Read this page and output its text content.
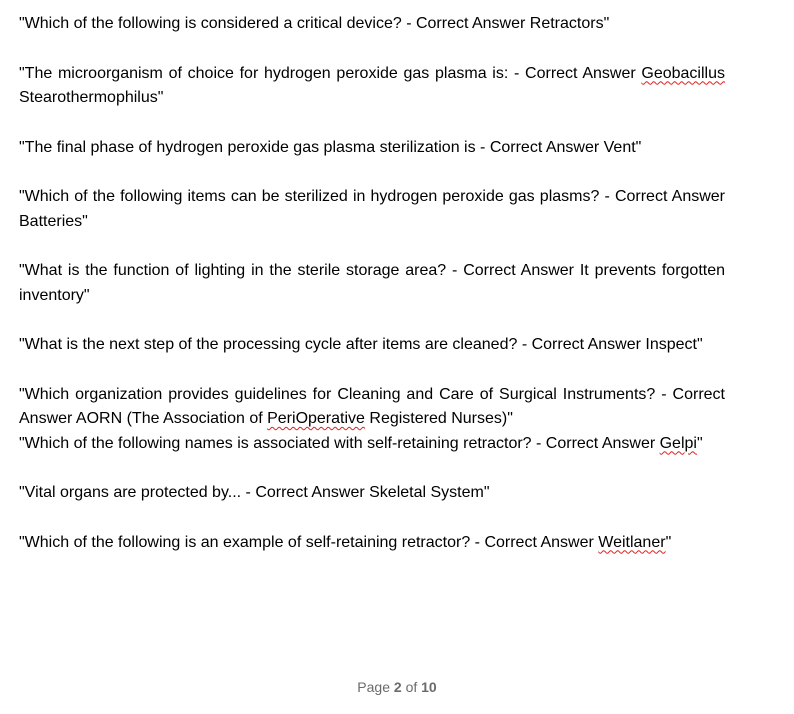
"Which of the following is considered a critical device? - Correct Answer Retractors"

"The microorganism of choice for hydrogen peroxide gas plasma is: - Correct Answer Geobacillus Stearothermophilus"

"The final phase of hydrogen peroxide gas plasma sterilization is - Correct Answer Vent"

"Which of the following items can be sterilized in hydrogen peroxide gas plasms? - Correct Answer Batteries"

"What is the function of lighting in the sterile storage area? - Correct Answer It prevents forgotten inventory"

"What is the next step of the processing cycle after items are cleaned? - Correct Answer Inspect"

"Which organization provides guidelines for Cleaning and Care of Surgical Instruments? - Correct Answer AORN (The Association of PeriOperative Registered Nurses)"

"Which of the following names is associated with self-retaining retractor? - Correct Answer Gelpi"

"Vital organs are protected by... - Correct Answer Skeletal System"

"Which of the following is an example of self-retaining retractor? - Correct Answer Weitlaner"

Page 2 of 10
